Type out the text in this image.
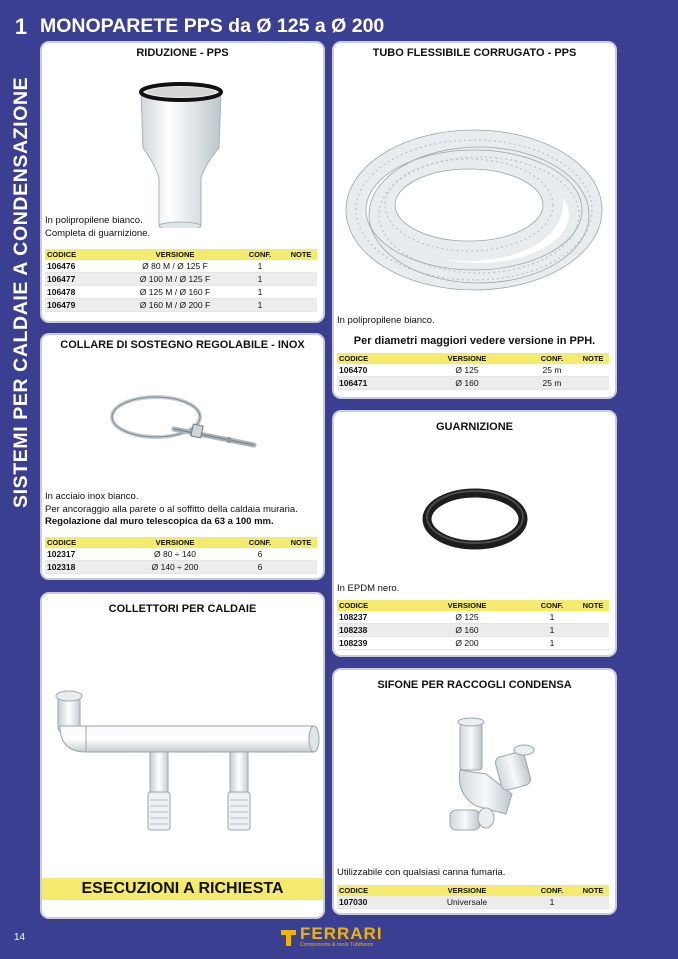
1
SISTEMI PER CALDAIE A CONDENSAZIONE
MONOPARETE PPS da Ø 125 a Ø 200
RIDUZIONE - PPS
In polipropilene bianco.
Completa di guarnizione.
CODICE	VERSIONE	CONF.	NOTE
106476	Ø 80 M / Ø 125 F	1	
106477	Ø 100 M / Ø 125 F	1	
106478	Ø 125 M / Ø 160 F	1	
106479	Ø 160 M / Ø 200 F	1	
TUBO FLESSIBILE CORRUGATO - PPS
In polipropilene bianco.
Per diametri maggiori vedere versione in PPH.
CODICE	VERSIONE	CONF.	NOTE
106470	Ø 125	25 m	
106471	Ø 160	25 m	
COLLARE DI SOSTEGNO REGOLABILE - INOX
In acciaio inox bianco.
Per ancoraggio alla parete o al soffitto della caldaia muraria.
Regolazione dal muro telescopica da 63 a 100 mm.
CODICE	VERSIONE	CONF.	NOTE
102317	Ø 80 ÷ 140	6	
102318	Ø 140 ÷ 200	6	
GUARNIZIONE
In EPDM nero.
CODICE	VERSIONE	CONF.	NOTE
108237	Ø 125	1	
108238	Ø 160	1	
108239	Ø 200	1	
COLLETTORI PER CALDAIE
ESECUZIONI A RICHIESTA
SIFONE PER RACCOGLI CONDENSA
Utilizzabile con qualsiasi canna fumaria.
CODICE	VERSIONE	CONF.	NOTE
107030	Universale	1	
14	FERRARI
Components & tools Tubifuoco
